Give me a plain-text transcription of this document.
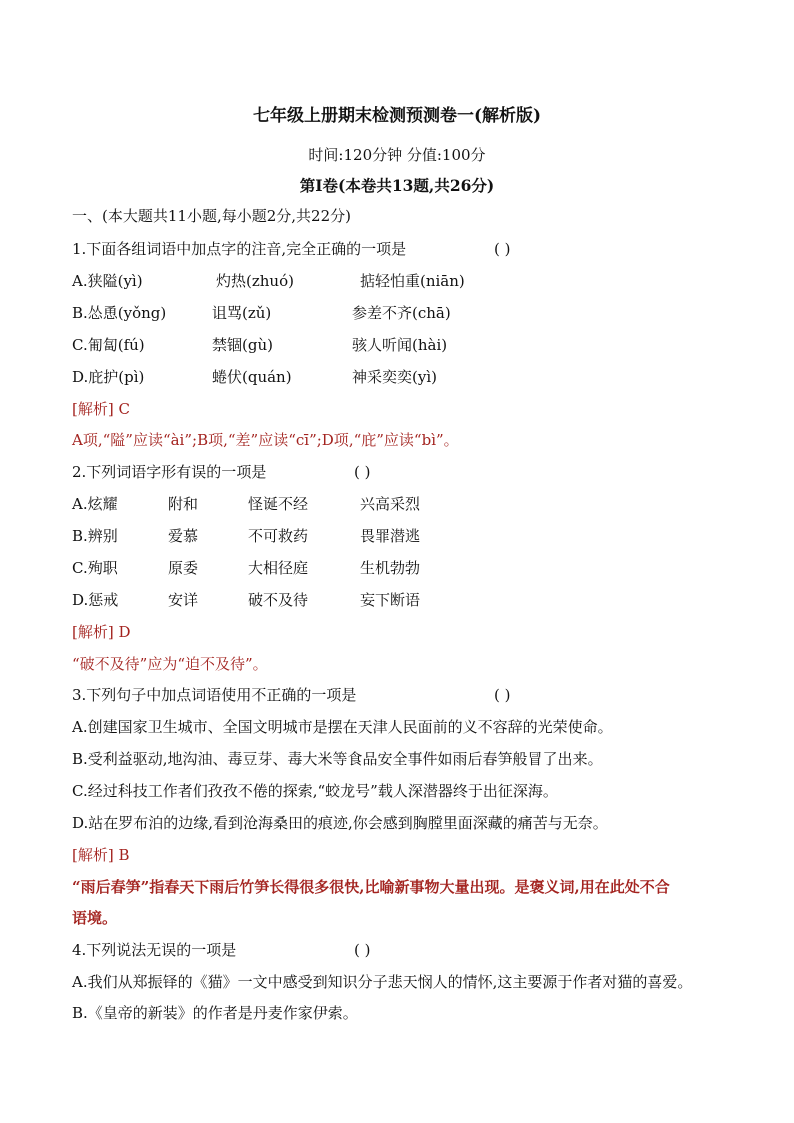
七年级上册期末检测预测卷一(解析版)
时间:120分钟 分值:100分
第Ⅰ卷(本卷共13题,共26分)
一、(本大题共11小题,每小题2分,共22分)
1.下面各组词语中加点字的注音,完全正确的一项是	( )
A.狭隘(yì)	灼热(zhuó)	掂轻怕重(niān)
B.怂恿(yǒng)	诅骂(zǔ)	参差不齐(chā)
C.匍匐(fú)	禁锢(gù)	骇人听闻(hài)
D.庇护(pì)	蜷伏(quán)	神采奕奕(yì)
[解析] C
A项,“隘”应读“ài”;B项,“差”应读“cī”;D项,“庇”应读“bì”。
2.下列词语字形有误的一项是	( )
A.炫耀	附和	怪诞不经	兴高采烈
B.辨别	爱慕	不可救药	畏罪潜逃
C.殉职	原委	大相径庭	生机勃勃
D.惩戒	安详	破不及待	妄下断语
[解析] D
“破不及待”应为“迫不及待”。
3.下列句子中加点词语使用不正确的一项是	( )
A.创建国家卫生城市、全国文明城市是摆在天津人民面前的义不容辞的光荣使命。
B.受利益驱动,地沟油、毒豆芽、毒大米等食品安全事件如雨后春笋般冒了出来。
C.经过科技工作者们孜孜不倦的探索,“蛟龙号”载人深潜器终于出征深海。
D.站在罗布泊的边缘,看到沧海桑田的痕迹,你会感到胸膛里面深藏的痛苦与无奈。
[解析] B
“雨后春笋”指春天下雨后竹笋长得很多很快,比喻新事物大量出现。是褒义词,用在此处不合
语境。
4.下列说法无误的一项是	( )
A.我们从郑振铎的《猫》一文中感受到知识分子悲天悯人的情怀,这主要源于作者对猫的喜爱。
B.《皇帝的新装》的作者是丹麦作家伊索。
